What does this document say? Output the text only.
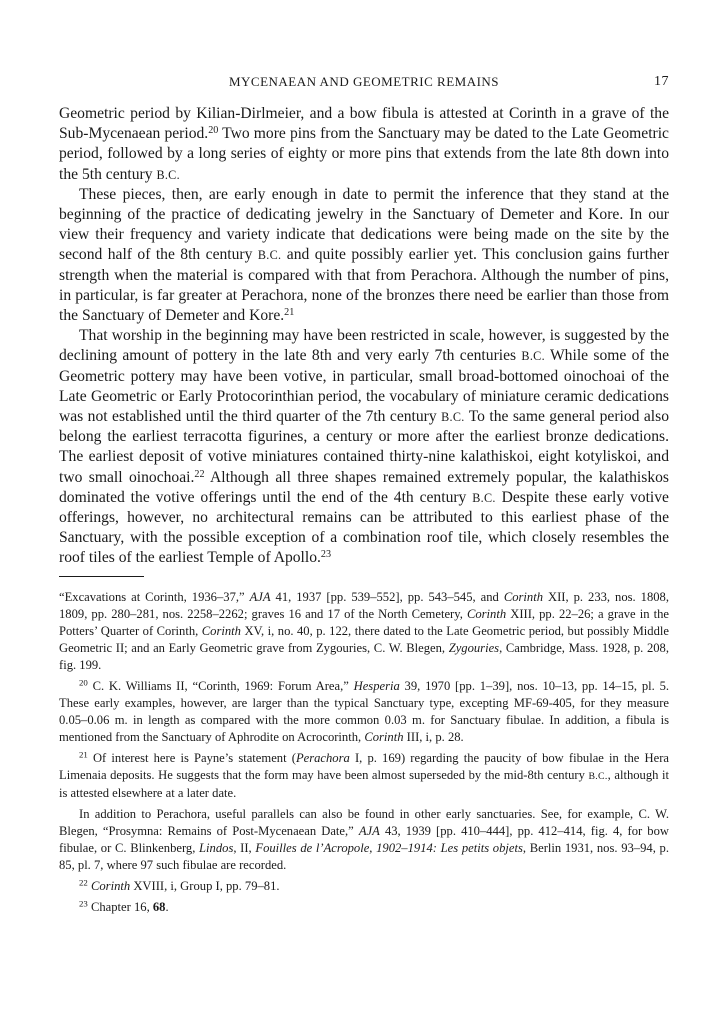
MYCENAEAN AND GEOMETRIC REMAINS	17

Geometric period by Kilian-Dirlmeier, and a bow fibula is attested at Corinth in a grave of the Sub-Mycenaean period.$^{20}$ Two more pins from the Sanctuary may be dated to the Late Geometric period, followed by a long series of eighty or more pins that extends from the late 8th down into the 5th century B.C.

These pieces, then, are early enough in date to permit the inference that they stand at the beginning of the practice of dedicating jewelry in the Sanctuary of Demeter and Kore. In our view their frequency and variety indicate that dedications were being made on the site by the second half of the 8th century B.C. and quite possibly earlier yet. This conclusion gains further strength when the material is compared with that from Perachora. Although the number of pins, in particular, is far greater at Perachora, none of the bronzes there need be earlier than those from the Sanctuary of Demeter and Kore.$^{21}$

That worship in the beginning may have been restricted in scale, however, is suggested by the declining amount of pottery in the late 8th and very early 7th centuries B.C. While some of the Geometric pottery may have been votive, in particular, small broad-bottomed oinochoai of the Late Geometric or Early Protocorinthian period, the vocabulary of miniature ceramic dedications was not established until the third quarter of the 7th century B.C. To the same general period also belong the earliest terracotta figurines, a century or more after the earliest bronze dedications. The earliest deposit of votive miniatures contained thirty-nine kalathiskoi, eight kotyliskoi, and two small oinochoai.$^{22}$ Although all three shapes remained extremely popular, the kalathiskos dominated the votive offerings until the end of the 4th century B.C. Despite these early votive offerings, however, no architectural remains can be attributed to this earliest phase of the Sanctuary, with the possible exception of a combination roof tile, which closely resembles the roof tiles of the earliest Temple of Apollo.$^{23}$

“Excavations at Corinth, 1936–37,” AJA 41, 1937 [pp. 539–552], pp. 543–545, and Corinth XII, p. 233, nos. 1808, 1809, pp. 280–281, nos. 2258–2262; graves 16 and 17 of the North Cemetery, Corinth XIII, pp. 22–26; a grave in the Potters’ Quarter of Corinth, Corinth XV, i, no. 40, p. 122, there dated to the Late Geometric period, but possibly Middle Geometric II; and an Early Geometric grave from Zygouries, C. W. Blegen, Zygouries, Cambridge, Mass. 1928, p. 208, fig. 199.

$^{20}$ C. K. Williams II, “Corinth, 1969: Forum Area,” Hesperia 39, 1970 [pp. 1–39], nos. 10–13, pp. 14–15, pl. 5. These early examples, however, are larger than the typical Sanctuary type, excepting MF-69-405, for they measure 0.05–0.06 m. in length as compared with the more common 0.03 m. for Sanctuary fibulae. In addition, a fibula is mentioned from the Sanctuary of Aphrodite on Acrocorinth, Corinth III, i, p. 28.

$^{21}$ Of interest here is Payne’s statement (Perachora I, p. 169) regarding the paucity of bow fibulae in the Hera Limenaia deposits. He suggests that the form may have been almost superseded by the mid-8th century B.C., although it is attested elsewhere at a later date.

In addition to Perachora, useful parallels can also be found in other early sanctuaries. See, for example, C. W. Blegen, “Prosymna: Remains of Post-Mycenaean Date,” AJA 43, 1939 [pp. 410–444], pp. 412–414, fig. 4, for bow fibulae, or C. Blinkenberg, Lindos, II, Fouilles de l’Acropole, 1902–1914: Les petits objets, Berlin 1931, nos. 93–94, p. 85, pl. 7, where 97 such fibulae are recorded.

$^{22}$ Corinth XVIII, i, Group I, pp. 79–81.

$^{23}$ Chapter 16, 68.
